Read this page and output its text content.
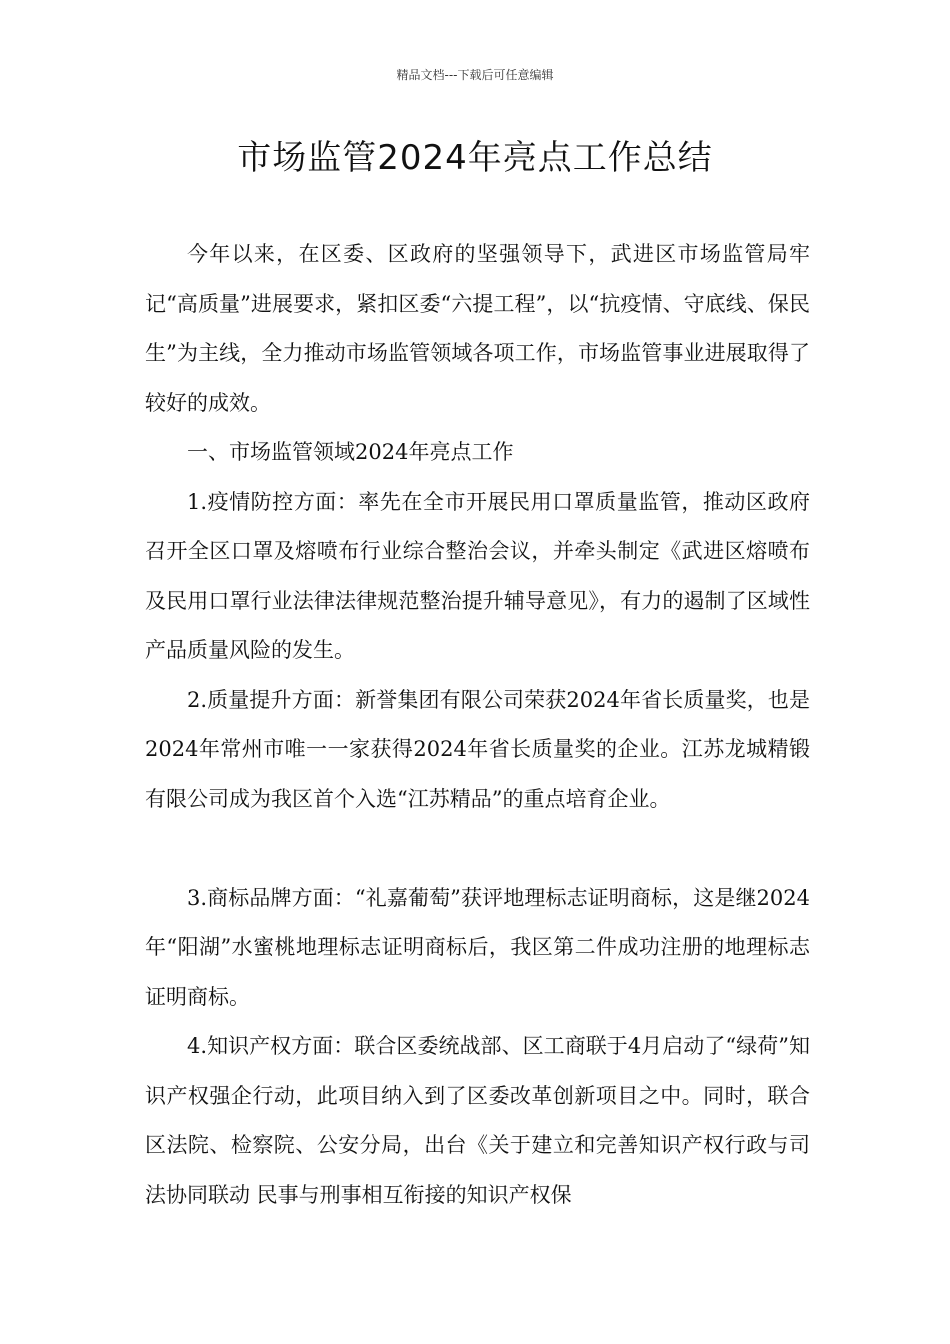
精品文档---下载后可任意编辑
市场监管2024年亮点工作总结

今年以来，在区委、区政府的坚强领导下，武进区市场监管局牢记“高质量”进展要求，紧扣区委“六提工程”，以“抗疫情、守底线、保民生”为主线，全力推动市场监管领域各项工作，市场监管事业进展取得了较好的成效。

一、市场监管领域2024年亮点工作

1.疫情防控方面：率先在全市开展民用口罩质量监管，推动区政府召开全区口罩及熔喷布行业综合整治会议，并牵头制定《武进区熔喷布及民用口罩行业法律法律规范整治提升辅导意见》，有力的遏制了区域性产品质量风险的发生。

2.质量提升方面：新誉集团有限公司荣获2024年省长质量奖，也是2024年常州市唯一一家获得2024年省长质量奖的企业。江苏龙城精锻有限公司成为我区首个入选“江苏精品”的重点培育企业。

3.商标品牌方面：“礼嘉葡萄”获评地理标志证明商标，这是继2024年“阳湖”水蜜桃地理标志证明商标后，我区第二件成功注册的地理标志证明商标。

4.知识产权方面：联合区委统战部、区工商联于4月启动了“绿荷”知识产权强企行动，此项目纳入到了区委改革创新项目之中。同时，联合区法院、检察院、公安分局，出台《关于建立和完善知识产权行政与司法协同联动 民事与刑事相互衔接的知识产权保
